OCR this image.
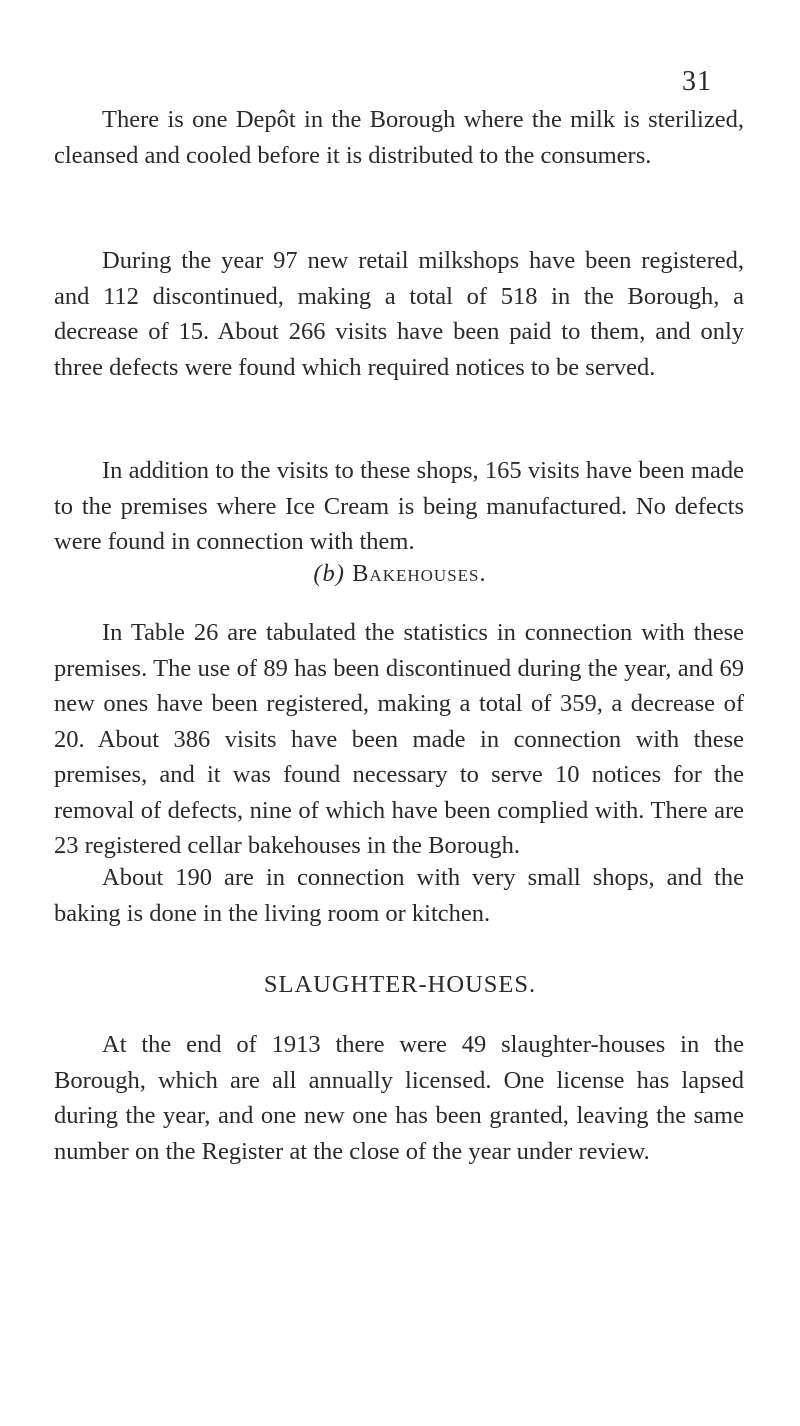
31

There is one Depôt in the Borough where the milk is sterilized, cleansed and cooled before it is distributed to the consumers.

During the year 97 new retail milkshops have been registered, and 112 discontinued, making a total of 518 in the Borough, a decrease of 15. About 266 visits have been paid to them, and only three defects were found which required notices to be served.

In addition to the visits to these shops, 165 visits have been made to the premises where Ice Cream is being manufactured. No defects were found in connection with them.

(b) Bakehouses.

In Table 26 are tabulated the statistics in connection with these premises. The use of 89 has been discontinued during the year, and 69 new ones have been registered, making a total of 359, a decrease of 20. About 386 visits have been made in connection with these premises, and it was found necessary to serve 10 notices for the removal of defects, nine of which have been complied with. There are 23 registered cellar bakehouses in the Borough.

About 190 are in connection with very small shops, and the baking is done in the living room or kitchen.

SLAUGHTER-HOUSES.

At the end of 1913 there were 49 slaughter-houses in the Borough, which are all annually licensed. One license has lapsed during the year, and one new one has been granted, leaving the same number on the Register at the close of the year under review.
